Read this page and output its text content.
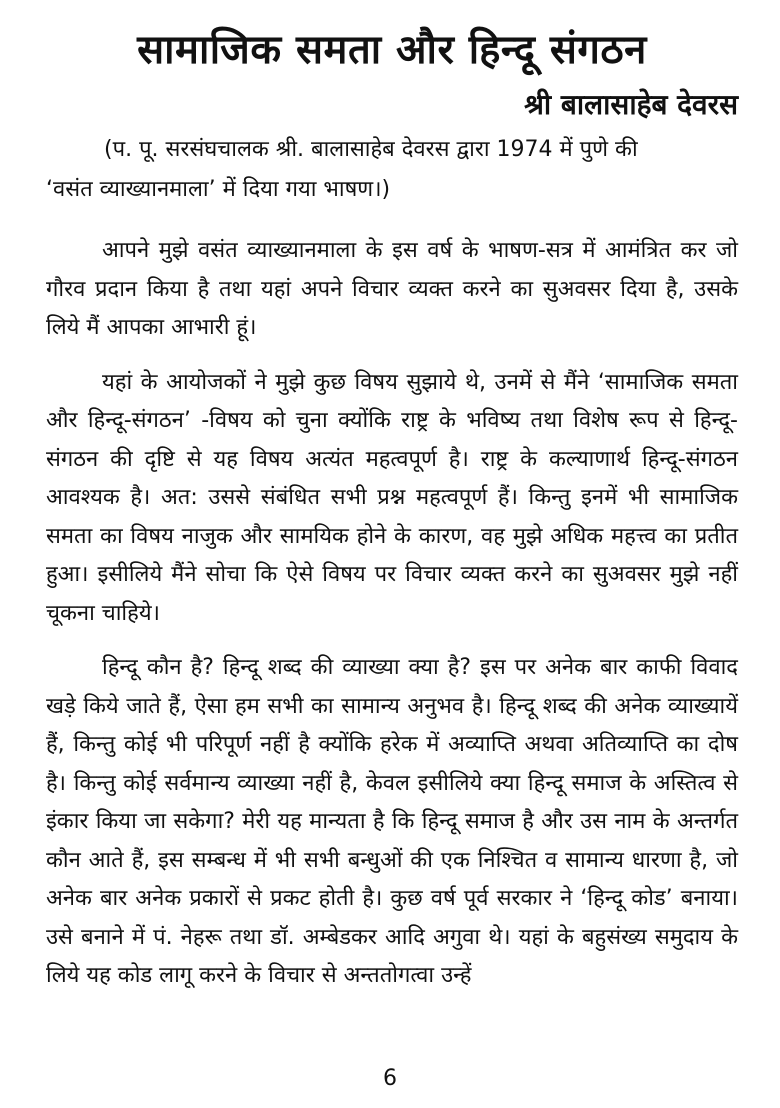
सामाजिक समता और हिन्दू संगठन
श्री बालासाहेब देवरस

(प. पू. सरसंघचालक श्री. बालासाहेब देवरस द्वारा 1974 में पुणे की
‘वसंत व्याख्यानमाला’ में दिया गया भाषण।)

आपने मुझे वसंत व्याख्यानमाला के इस वर्ष के भाषण-सत्र में आमंत्रित कर जो गौरव प्रदान किया है तथा यहां अपने विचार व्यक्त करने का सुअवसर दिया है, उसके लिये मैं आपका आभारी हूं।

यहां के आयोजकों ने मुझे कुछ विषय सुझाये थे, उनमें से मैंने ‘सामाजिक समता और हिन्दू-संगठन’ -विषय को चुना क्योंकि राष्ट्र के भविष्य तथा विशेष रूप से हिन्दू-संगठन की दृष्टि से यह विषय अत्यंत महत्वपूर्ण है। राष्ट्र के कल्याणार्थ हिन्दू-संगठन आवश्यक है। अत: उससे संबंधित सभी प्रश्न महत्वपूर्ण हैं। किन्तु इनमें भी सामाजिक समता का विषय नाजुक और सामयिक होने के कारण, वह मुझे अधिक महत्त्व का प्रतीत हुआ। इसीलिये मैंने सोचा कि ऐसे विषय पर विचार व्यक्त करने का सुअवसर मुझे नहीं चूकना चाहिये।

हिन्दू कौन है? हिन्दू शब्द की व्याख्या क्या है? इस पर अनेक बार काफी विवाद खड़े किये जाते हैं, ऐसा हम सभी का सामान्य अनुभव है। हिन्दू शब्द की अनेक व्याख्यायें हैं, किन्तु कोई भी परिपूर्ण नहीं है क्योंकि हरेक में अव्याप्ति अथवा अतिव्याप्ति का दोष है। किन्तु कोई सर्वमान्य व्याख्या नहीं है, केवल इसीलिये क्या हिन्दू समाज के अस्तित्व से इंकार किया जा सकेगा? मेरी यह मान्यता है कि हिन्दू समाज है और उस नाम के अन्तर्गत कौन आते हैं, इस सम्बन्ध में भी सभी बन्धुओं की एक निश्चित व सामान्य धारणा है, जो अनेक बार अनेक प्रकारों से प्रकट होती है। कुछ वर्ष पूर्व सरकार ने ‘हिन्दू कोड’ बनाया। उसे बनाने में पं. नेहरू तथा डॉ. अम्बेडकर आदि अगुवा थे। यहां के बहुसंख्य समुदाय के लिये यह कोड लागू करने के विचार से अन्ततोगत्वा उन्हें

6
